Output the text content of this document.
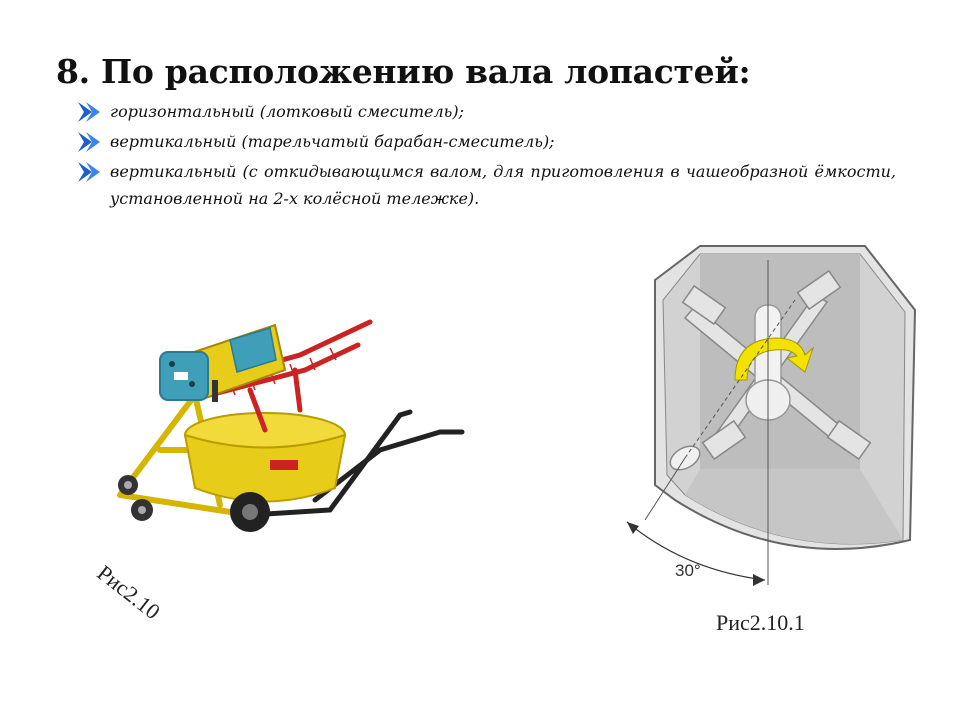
8. По расположению вала лопастей:
горизонтальный (лотковый смеситель);
вертикальный (тарельчатый барабан-смеситель);
вертикальный (с откидывающимся валом, для приготовления в чашеобразной ёмкости, установленной на 2-х колёсной тележке).
Рис2.10	30°
Рис2.10.1
